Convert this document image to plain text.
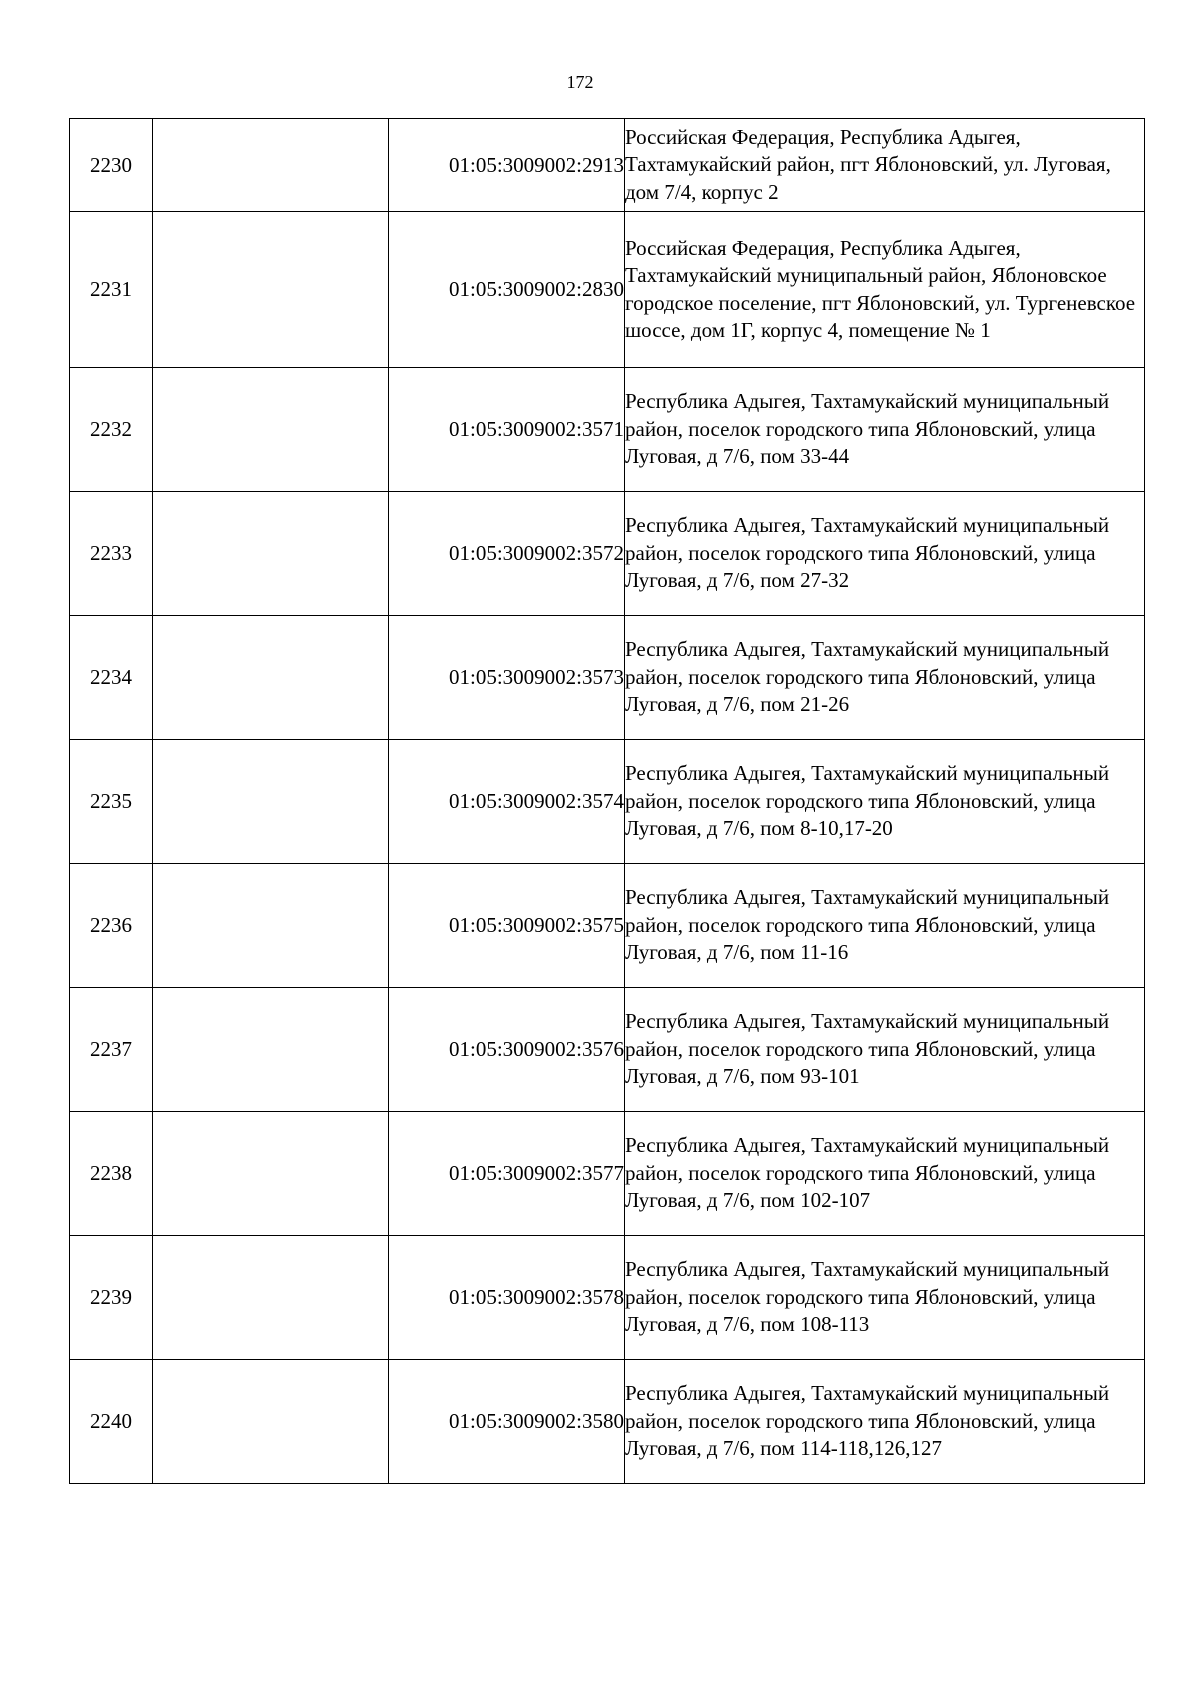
172
2230		01:05:3009002:2913	Российская Федерация, Республика Адыгея, Тахтамукайский район, пгт Яблоновский, ул. Луговая, дом 7/4, корпус 2
2231		01:05:3009002:2830	Российская Федерация, Республика Адыгея, Тахтамукайский муниципальный район, Яблоновское городское поселение, пгт Яблоновский, ул. Тургеневское шоссе, дом 1Г, корпус 4, помещение № 1
2232		01:05:3009002:3571	Республика Адыгея, Тахтамукайский муниципальный район, поселок городского типа Яблоновский, улица Луговая, д 7/6, пом 33-44
2233		01:05:3009002:3572	Республика Адыгея, Тахтамукайский муниципальный район, поселок городского типа Яблоновский, улица Луговая, д 7/6, пом 27-32
2234		01:05:3009002:3573	Республика Адыгея, Тахтамукайский муниципальный район, поселок городского типа Яблоновский, улица Луговая, д 7/6, пом 21-26
2235		01:05:3009002:3574	Республика Адыгея, Тахтамукайский муниципальный район, поселок городского типа Яблоновский, улица Луговая, д 7/6, пом 8-10,17-20
2236		01:05:3009002:3575	Республика Адыгея, Тахтамукайский муниципальный район, поселок городского типа Яблоновский, улица Луговая, д 7/6, пом 11-16
2237		01:05:3009002:3576	Республика Адыгея, Тахтамукайский муниципальный район, поселок городского типа Яблоновский, улица Луговая, д 7/6, пом 93-101
2238		01:05:3009002:3577	Республика Адыгея, Тахтамукайский муниципальный район, поселок городского типа Яблоновский, улица Луговая, д 7/6, пом 102-107
2239		01:05:3009002:3578	Республика Адыгея, Тахтамукайский муниципальный район, поселок городского типа Яблоновский, улица Луговая, д 7/6, пом 108-113
2240		01:05:3009002:3580	Республика Адыгея, Тахтамукайский муниципальный район, поселок городского типа Яблоновский, улица Луговая, д 7/6, пом 114-118,126,127
